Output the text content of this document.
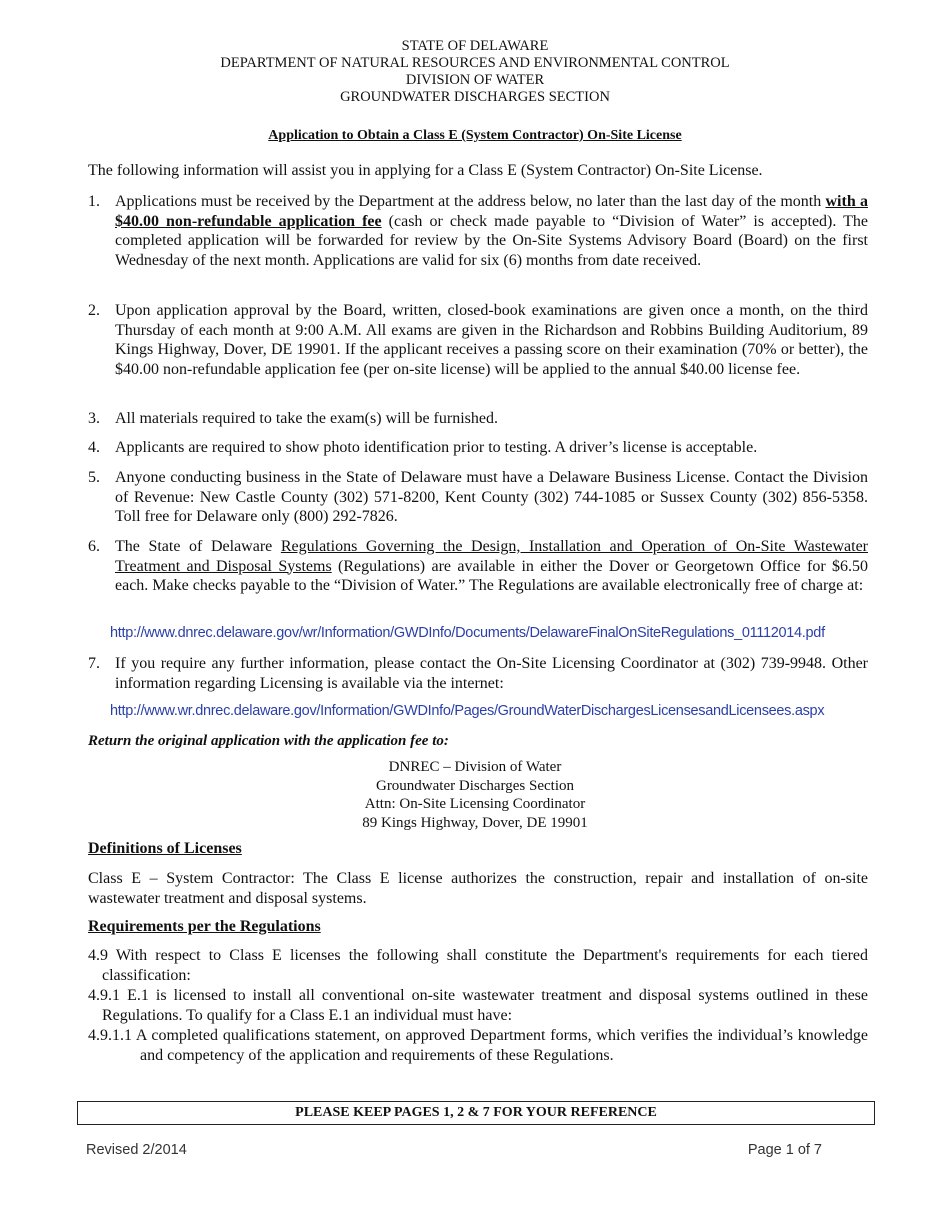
STATE OF DELAWARE
DEPARTMENT OF NATURAL RESOURCES AND ENVIRONMENTAL CONTROL
DIVISION OF WATER
GROUNDWATER DISCHARGES SECTION
Application to Obtain a Class E (System Contractor) On-Site License
The following information will assist you in applying for a Class E (System Contractor) On-Site License.
1. Applications must be received by the Department at the address below, no later than the last day of the month with a $40.00 non-refundable application fee (cash or check made payable to “Division of Water” is accepted). The completed application will be forwarded for review by the On-Site Systems Advisory Board (Board) on the first Wednesday of the next month. Applications are valid for six (6) months from date received.
2. Upon application approval by the Board, written, closed-book examinations are given once a month, on the third Thursday of each month at 9:00 A.M. All exams are given in the Richardson and Robbins Building Auditorium, 89 Kings Highway, Dover, DE 19901. If the applicant receives a passing score on their examination (70% or better), the $40.00 non-refundable application fee (per on-site license) will be applied to the annual $40.00 license fee.
3. All materials required to take the exam(s) will be furnished.
4. Applicants are required to show photo identification prior to testing. A driver’s license is acceptable.
5. Anyone conducting business in the State of Delaware must have a Delaware Business License. Contact the Division of Revenue: New Castle County (302) 571-8200, Kent County (302) 744-1085 or Sussex County (302) 856-5358. Toll free for Delaware only (800) 292-7826.
6. The State of Delaware Regulations Governing the Design, Installation and Operation of On-Site Wastewater Treatment and Disposal Systems (Regulations) are available in either the Dover or Georgetown Office for $6.50 each. Make checks payable to the “Division of Water.” The Regulations are available electronically free of charge at:
http://www.dnrec.delaware.gov/wr/Information/GWDInfo/Documents/DelawareFinalOnSiteRegulations_01112014.pdf
7. If you require any further information, please contact the On-Site Licensing Coordinator at (302) 739-9948. Other information regarding Licensing is available via the internet:
http://www.wr.dnrec.delaware.gov/Information/GWDInfo/Pages/GroundWaterDischargesLicensesandLicensees.aspx
Return the original application with the application fee to:
DNREC – Division of Water
Groundwater Discharges Section
Attn: On-Site Licensing Coordinator
89 Kings Highway, Dover, DE 19901
Definitions of Licenses
Class E – System Contractor: The Class E license authorizes the construction, repair and installation of on-site wastewater treatment and disposal systems.
Requirements per the Regulations
4.9 With respect to Class E licenses the following shall constitute the Department's requirements for each tiered classification:
4.9.1 E.1 is licensed to install all conventional on-site wastewater treatment and disposal systems outlined in these Regulations. To qualify for a Class E.1 an individual must have:
4.9.1.1 A completed qualifications statement, on approved Department forms, which verifies the individual’s knowledge and competency of the application and requirements of these Regulations.
PLEASE KEEP PAGES 1, 2 & 7 FOR YOUR REFERENCE
Revised 2/2014	Page 1 of 7
